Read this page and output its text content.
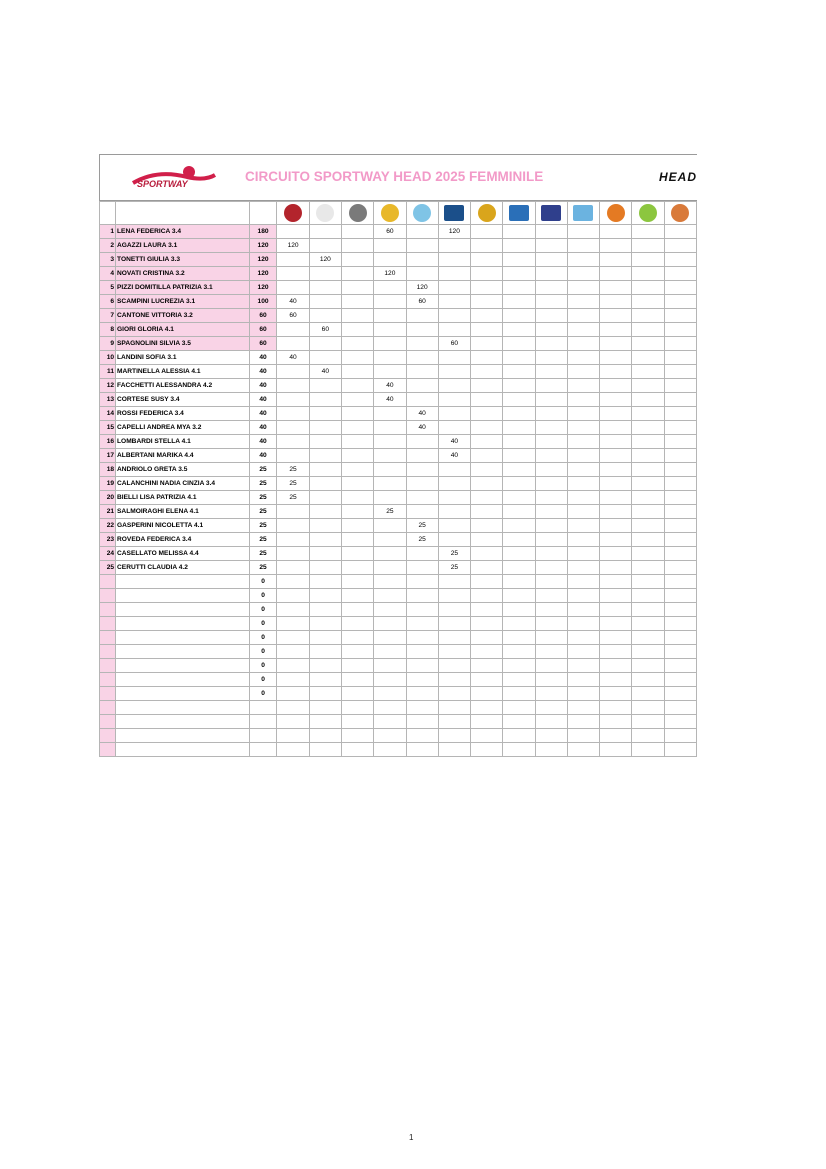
SPORTWAY	CIRCUITO SPORTWAY HEAD 2025 FEMMINILE	HEAD

1	LENA FEDERICA 3.4	180				60		120							
2	AGAZZI LAURA 3.1	120	120												
3	TONETTI GIULIA 3.3	120		120											
4	NOVATI CRISTINA 3.2	120				120									
5	PIZZI DOMITILLA PATRIZIA 3.1	120					120								
6	SCAMPINI LUCREZIA 3.1	100	40				60								
7	CANTONE VITTORIA 3.2	60	60												
8	GIORI GLORIA 4.1	60		60											
9	SPAGNOLINI SILVIA 3.5	60						60							
10	LANDINI SOFIA 3.1	40	40												
11	MARTINELLA ALESSIA 4.1	40		40											
12	FACCHETTI ALESSANDRA 4.2	40				40									
13	CORTESE SUSY 3.4	40				40									
14	ROSSI FEDERICA 3.4	40					40								
15	CAPELLI ANDREA MYA 3.2	40					40								
16	LOMBARDI STELLA 4.1	40						40							
17	ALBERTANI MARIKA 4.4	40						40							
18	ANDRIOLO GRETA 3.5	25	25												
19	CALANCHINI NADIA CINZIA 3.4	25	25												
20	BIELLI LISA PATRIZIA 4.1	25	25												
21	SALMOIRAGHI ELENA 4.1	25				25									
22	GASPERINI NICOLETTA 4.1	25					25								
23	ROVEDA FEDERICA 3.4	25					25								
24	CASELLATO MELISSA 4.4	25						25							
25	CERUTTI CLAUDIA 4.2	25						25							
		0													
		0													
		0													
		0													
		0													
		0													
		0													
		0													
		0													

1
